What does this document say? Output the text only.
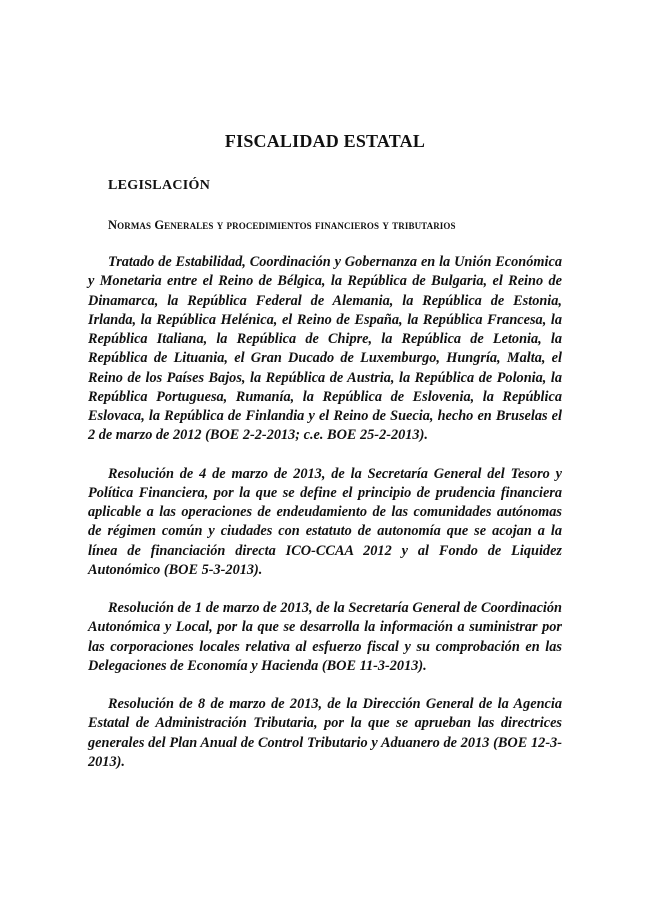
FISCALIDAD ESTATAL
LEGISLACIÓN

Normas Generales y procedimientos financieros y tributarios

Tratado de Estabilidad, Coordinación y Gobernanza en la Unión Económica y Monetaria entre el Reino de Bélgica, la República de Bulgaria, el Reino de Dinamarca, la República Federal de Alemania, la República de Estonia, Irlanda, la República Helénica, el Reino de España, la República Francesa, la República Italiana, la República de Chipre, la República de Letonia, la República de Lituania, el Gran Ducado de Luxemburgo, Hungría, Malta, el Reino de los Países Bajos, la República de Austria, la República de Polonia, la República Portuguesa, Rumanía, la República de Eslovenia, la República Eslovaca, la República de Finlandia y el Reino de Suecia, hecho en Bruselas el 2 de marzo de 2012 (BOE 2-2-2013; c.e. BOE 25-2-2013).

Resolución de 4 de marzo de 2013, de la Secretaría General del Tesoro y Política Financiera, por la que se define el principio de prudencia financiera aplicable a las operaciones de endeudamiento de las comunidades autónomas de régimen común y ciudades con estatuto de autonomía que se acojan a la línea de financiación directa ICO-CCAA 2012 y al Fondo de Liquidez Autonómico (BOE 5-3-2013).

Resolución de 1 de marzo de 2013, de la Secretaría General de Coordinación Autonómica y Local, por la que se desarrolla la información a suministrar por las corporaciones locales relativa al esfuerzo fiscal y su comprobación en las Delegaciones de Economía y Hacienda (BOE 11-3-2013).

Resolución de 8 de marzo de 2013, de la Dirección General de la Agencia Estatal de Administración Tributaria, por la que se aprueban las directrices generales del Plan Anual de Control Tributario y Aduanero de 2013 (BOE 12-3-2013).
